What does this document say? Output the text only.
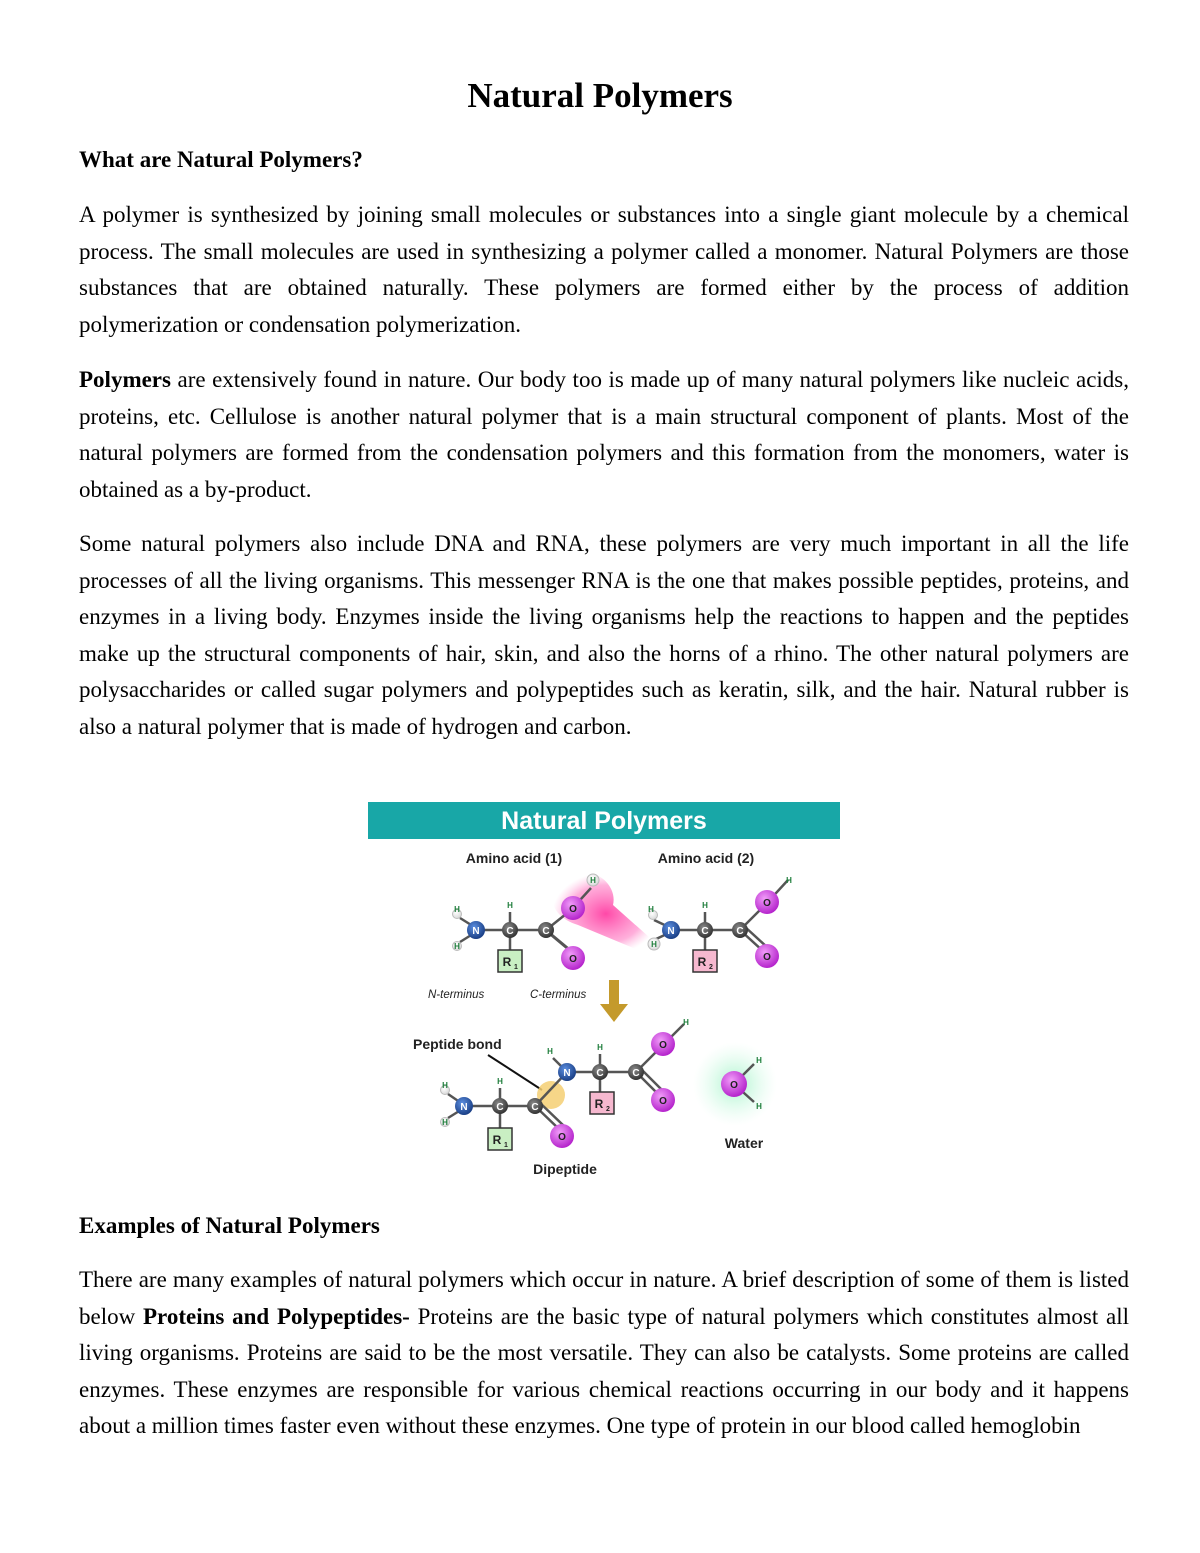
Natural Polymers
What are Natural Polymers?

A polymer is synthesized by joining small molecules or substances into a single giant molecule by a chemical process. The small molecules are used in synthesizing a polymer called a monomer. Natural Polymers are those substances that are obtained naturally. These polymers are formed either by the process of addition polymerization or condensation polymerization.

Polymers are extensively found in nature. Our body too is made up of many natural polymers like nucleic acids, proteins, etc. Cellulose is another natural polymer that is a main structural component of plants. Most of the natural polymers are formed from the condensation polymers and this formation from the monomers, water is obtained as a by-product.

Some natural polymers also include DNA and RNA, these polymers are very much important in all the life processes of all the living organisms. This messenger RNA is the one that makes possible peptides, proteins, and enzymes in a living body. Enzymes inside the living organisms help the reactions to happen and the peptides make up the structural components of hair, skin, and also the horns of a rhino. The other natural polymers are polysaccharides or called sugar polymers and polypeptides such as keratin, silk, and the hair. Natural rubber is also a natural polymer that is made of hydrogen and carbon.

Natural Polymers
Amino acid (1)	Amino acid (2)
H
H
N	C
H
C
O
H
O
R 1
H
H
N	C
H
C
O
H
O
R 2
N-terminus	C-terminus
Peptide bond
H
H
N	C
H
C
O
R 1
H
N	C
H
C
O
H
O
R 2
Dipeptide
O
H
H
Water
Examples of Natural Polymers

There are many examples of natural polymers which occur in nature. A brief description of some of them is listed below Proteins and Polypeptides- Proteins are the basic type of natural polymers which constitutes almost all living organisms. Proteins are said to be the most versatile. They can also be catalysts. Some proteins are called enzymes. These enzymes are responsible for various chemical reactions occurring in our body and it happens about a million times faster even without these enzymes. One type of protein in our blood called hemoglobin
